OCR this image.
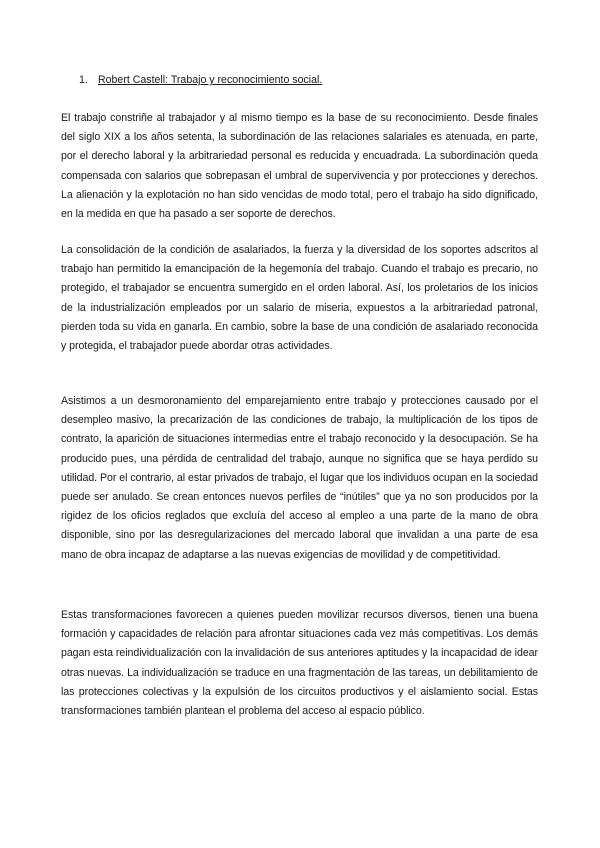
1. Robert Castell: Trabajo y reconocimiento social.

El trabajo constriñe al trabajador y al mismo tiempo es la base de su reconocimiento. Desde finales del siglo XIX a los años setenta, la subordinación de las relaciones salariales es atenuada, en parte, por el derecho laboral y la arbitrariedad personal es reducida y encuadrada. La subordinación queda compensada con salarios que sobrepasan el umbral de supervivencia y por protecciones y derechos. La alienación y la explotación no han sido vencidas de modo total, pero el trabajo ha sido dignificado, en la medida en que ha pasado a ser soporte de derechos.

La consolidación de la condición de asalariados, la fuerza y la diversidad de los soportes adscritos al trabajo han permitido la emancipación de la hegemonía del trabajo. Cuando el trabajo es precario, no protegido, el trabajador se encuentra sumergido en el orden laboral. Así, los proletarios de los inicios de la industrialización empleados por un salario de miseria, expuestos a la arbitrariedad patronal, pierden toda su vida en ganarla. En cambio, sobre la base de una condición de asalariado reconocida y protegida, el trabajador puede abordar otras actividades.

Asistimos a un desmoronamiento del emparejamiento entre trabajo y protecciones causado por el desempleo masivo, la precarización de las condiciones de trabajo, la multiplicación de los tipos de contrato, la aparición de situaciones intermedias entre el trabajo reconocido y la desocupación. Se ha producido pues, una pérdida de centralidad del trabajo, aunque no significa que se haya perdido su utilidad. Por el contrario, al estar privados de trabajo, el lugar que los individuos ocupan en la sociedad puede ser anulado. Se crean entonces nuevos perfiles de “inútiles” que ya no son producidos por la rigidez de los oficios reglados que excluía del acceso al empleo a una parte de la mano de obra disponible, sino por las desregularizaciones del mercado laboral que invalidan a una parte de esa mano de obra incapaz de adaptarse a las nuevas exigencias de movilidad y de competitividad.

Estas transformaciones favorecen a quienes pueden movilizar recursos diversos, tienen una buena formación y capacidades de relación para afrontar situaciones cada vez más competitivas. Los demás pagan esta reindividualización con la invalidación de sus anteriores aptitudes y la incapacidad de idear otras nuevas. La individualización se traduce en una fragmentación de las tareas, un debilitamiento de las protecciones colectivas y la expulsión de los circuitos productivos y el aislamiento social. Estas transformaciones también plantean el problema del acceso al espacio público.
